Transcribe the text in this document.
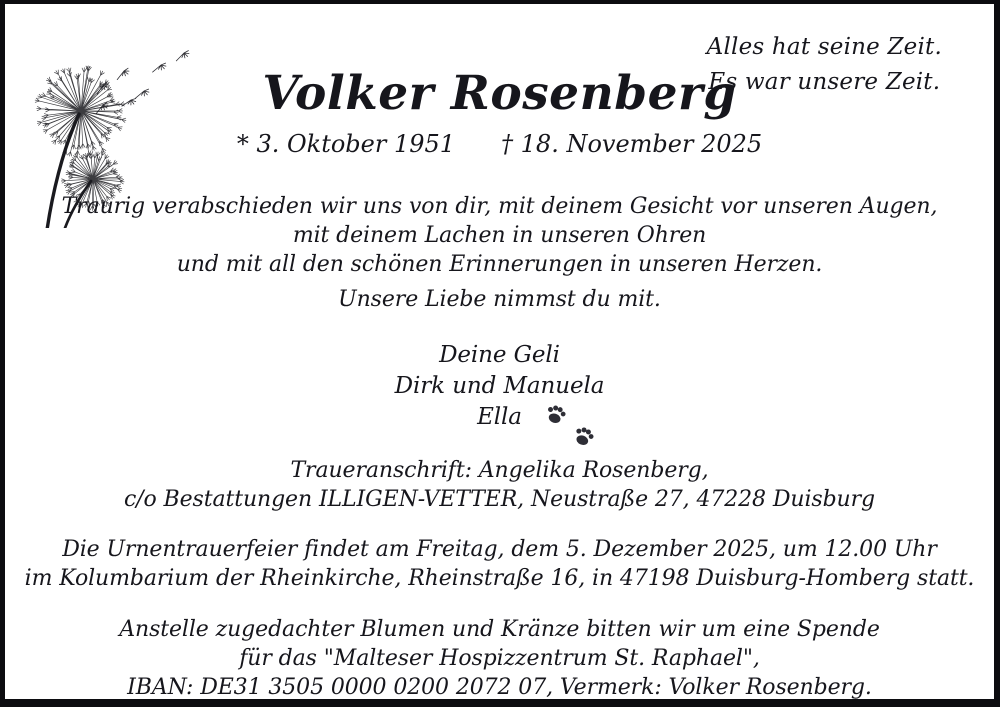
Alles hat seine Zeit.
Es war unsere Zeit.
Volker Rosenberg
* 3. Oktober 1951 † 18. November 2025
Traurig verabschieden wir uns von dir, mit deinem Gesicht vor unseren Augen,
mit deinem Lachen in unseren Ohren
und mit all den schönen Erinnerungen in unseren Herzen.
Unsere Liebe nimmst du mit.
Deine Geli
Dirk und Manuela
Ella
Traueranschrift: Angelika Rosenberg,
c/o Bestattungen ILLIGEN-VETTER, Neustraße 27, 47228 Duisburg
Die Urnentrauerfeier findet am Freitag, dem 5. Dezember 2025, um 12.00 Uhr
im Kolumbarium der Rheinkirche, Rheinstraße 16, in 47198 Duisburg-Homberg statt.
Anstelle zugedachter Blumen und Kränze bitten wir um eine Spende
für das "Malteser Hospizzentrum St. Raphael",
IBAN: DE31 3505 0000 0200 2072 07, Vermerk: Volker Rosenberg.
